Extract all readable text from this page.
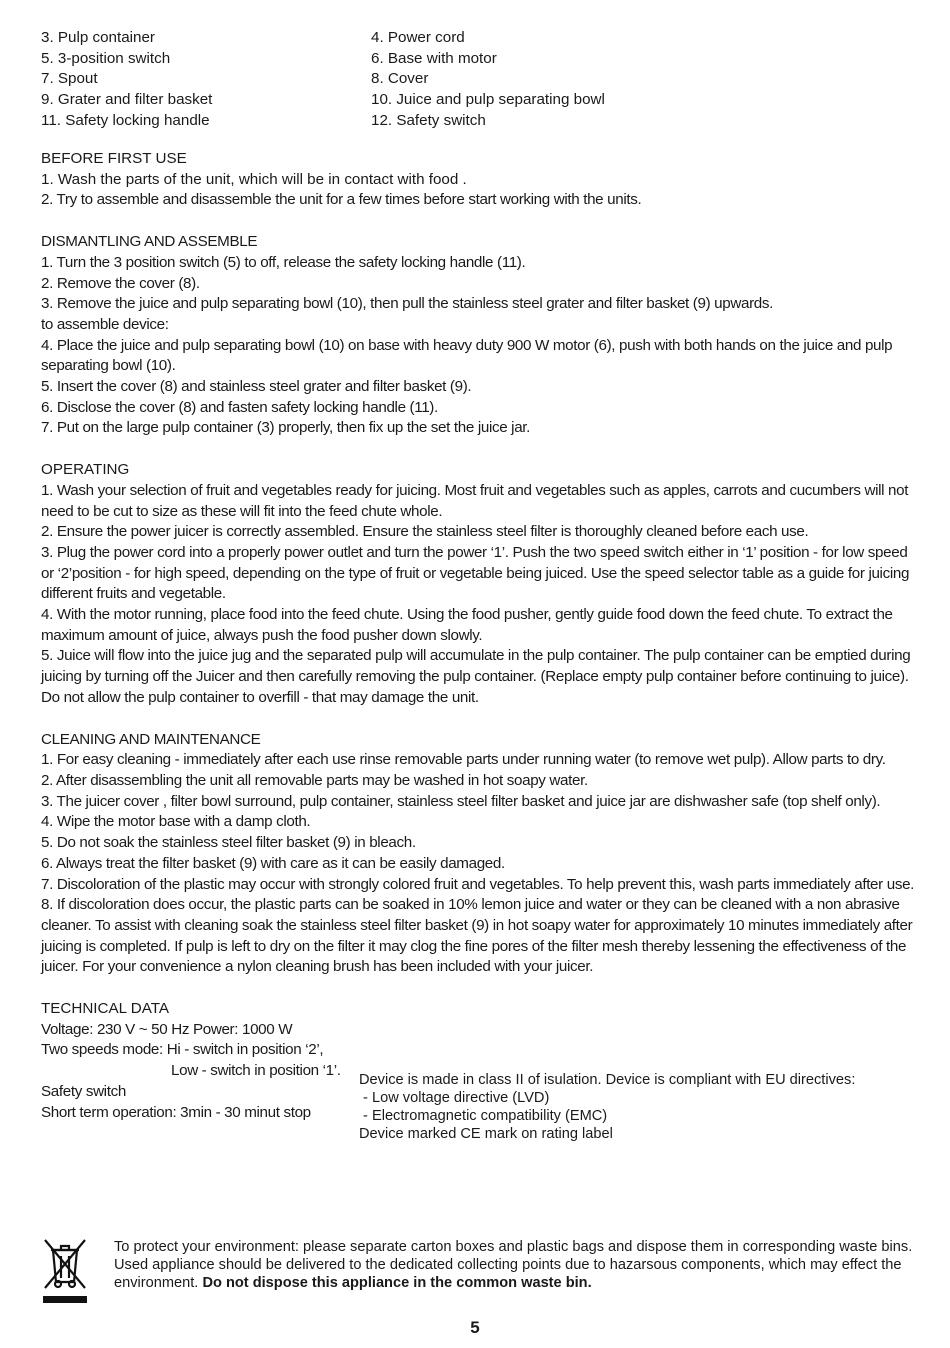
3. Pulp container
5. 3-position switch
7. Spout
9. Grater and filter basket
11. Safety locking handle
4. Power cord
6. Base with motor
8. Cover
10. Juice and pulp separating bowl
12. Safety switch
BEFORE FIRST USE
1. Wash the parts of the unit, which will be in contact with food .
2. Try to assemble and disassemble the unit for a few times before start working with the units.
DISMANTLING AND ASSEMBLE
1. Turn the 3 position switch (5) to off, release the safety locking handle (11).
2. Remove the cover (8).
3. Remove the juice and pulp separating bowl (10), then pull the stainless steel grater and filter basket (9) upwards.
to assemble device:
4. Place the juice and pulp separating bowl (10) on base with heavy duty 900 W motor (6), push with both hands on the juice and pulp separating bowl (10).
5. Insert the cover (8) and stainless steel grater and filter basket (9).
6. Disclose the cover (8) and fasten safety locking handle (11).
7. Put on the large pulp container (3) properly, then fix up the set the juice jar.
OPERATING
1. Wash your selection of fruit and vegetables ready for juicing. Most fruit and vegetables such as apples, carrots and cucumbers will not need to be cut to size as these will fit into the feed chute whole.
2. Ensure the power juicer is correctly assembled. Ensure the stainless steel filter is thoroughly cleaned before each use.
3. Plug the power cord into a properly power outlet and turn the power ‘1’. Push the two speed switch either in ‘1’ position - for low speed or ‘2’position - for high speed, depending on the type of fruit or vegetable being juiced. Use the speed selector table as a guide for juicing different fruits and vegetable.
4. With the motor running, place food into the feed chute. Using the food pusher, gently guide food down the feed chute. To extract the maximum amount of juice, always push the food pusher down slowly.
5. Juice will flow into the juice jug and the separated pulp will accumulate in the pulp container. The pulp container can be emptied during juicing by turning off the Juicer and then carefully removing the pulp container. (Replace empty pulp container before continuing to juice). Do not allow the pulp container to overfill - that may damage the unit.
CLEANING AND MAINTENANCE
1. For easy cleaning - immediately after each use rinse removable parts under running water (to remove wet pulp). Allow parts to dry.
2. After disassembling the unit all removable parts may be washed in hot soapy water.
3. The juicer cover , filter bowl surround, pulp container, stainless steel filter basket and juice jar are dishwasher safe (top shelf only).
4. Wipe the motor base with a damp cloth.
5. Do not soak the stainless steel filter basket (9) in bleach.
6. Always treat the filter basket (9) with care as it can be easily damaged.
7. Discoloration of the plastic may occur with strongly colored fruit and vegetables. To help prevent this, wash parts immediately after use.
8. If discoloration does occur, the plastic parts can be soaked in 10% lemon juice and water or they can be cleaned with a non abrasive cleaner. To assist with cleaning soak the stainless steel filter basket (9) in hot soapy water for approximately 10 minutes immediately after juicing is completed. If pulp is left to dry on the filter it may clog the fine pores of the filter mesh thereby lessening the effectiveness of the juicer. For your convenience a nylon cleaning brush has been included with your juicer.
TECHNICAL DATA
Voltage: 230 V ~ 50 Hz Power: 1000 W
Two speeds mode: Hi - switch in position ‘2’,
Low - switch in position ‘1’.
Safety switch
Short term operation: 3min - 30 minut stop
Device is made in class II of isulation. Device is compliant with EU directives:
- Low voltage directive (LVD)
- Electromagnetic compatibility (EMC)
Device marked CE mark on rating label
To protect your environment: please separate carton boxes and plastic bags and dispose them in corresponding waste bins. Used appliance should be delivered to the dedicated collecting points due to hazarsous components, which may effect the environment. Do not dispose this appliance in the common waste bin.
5
